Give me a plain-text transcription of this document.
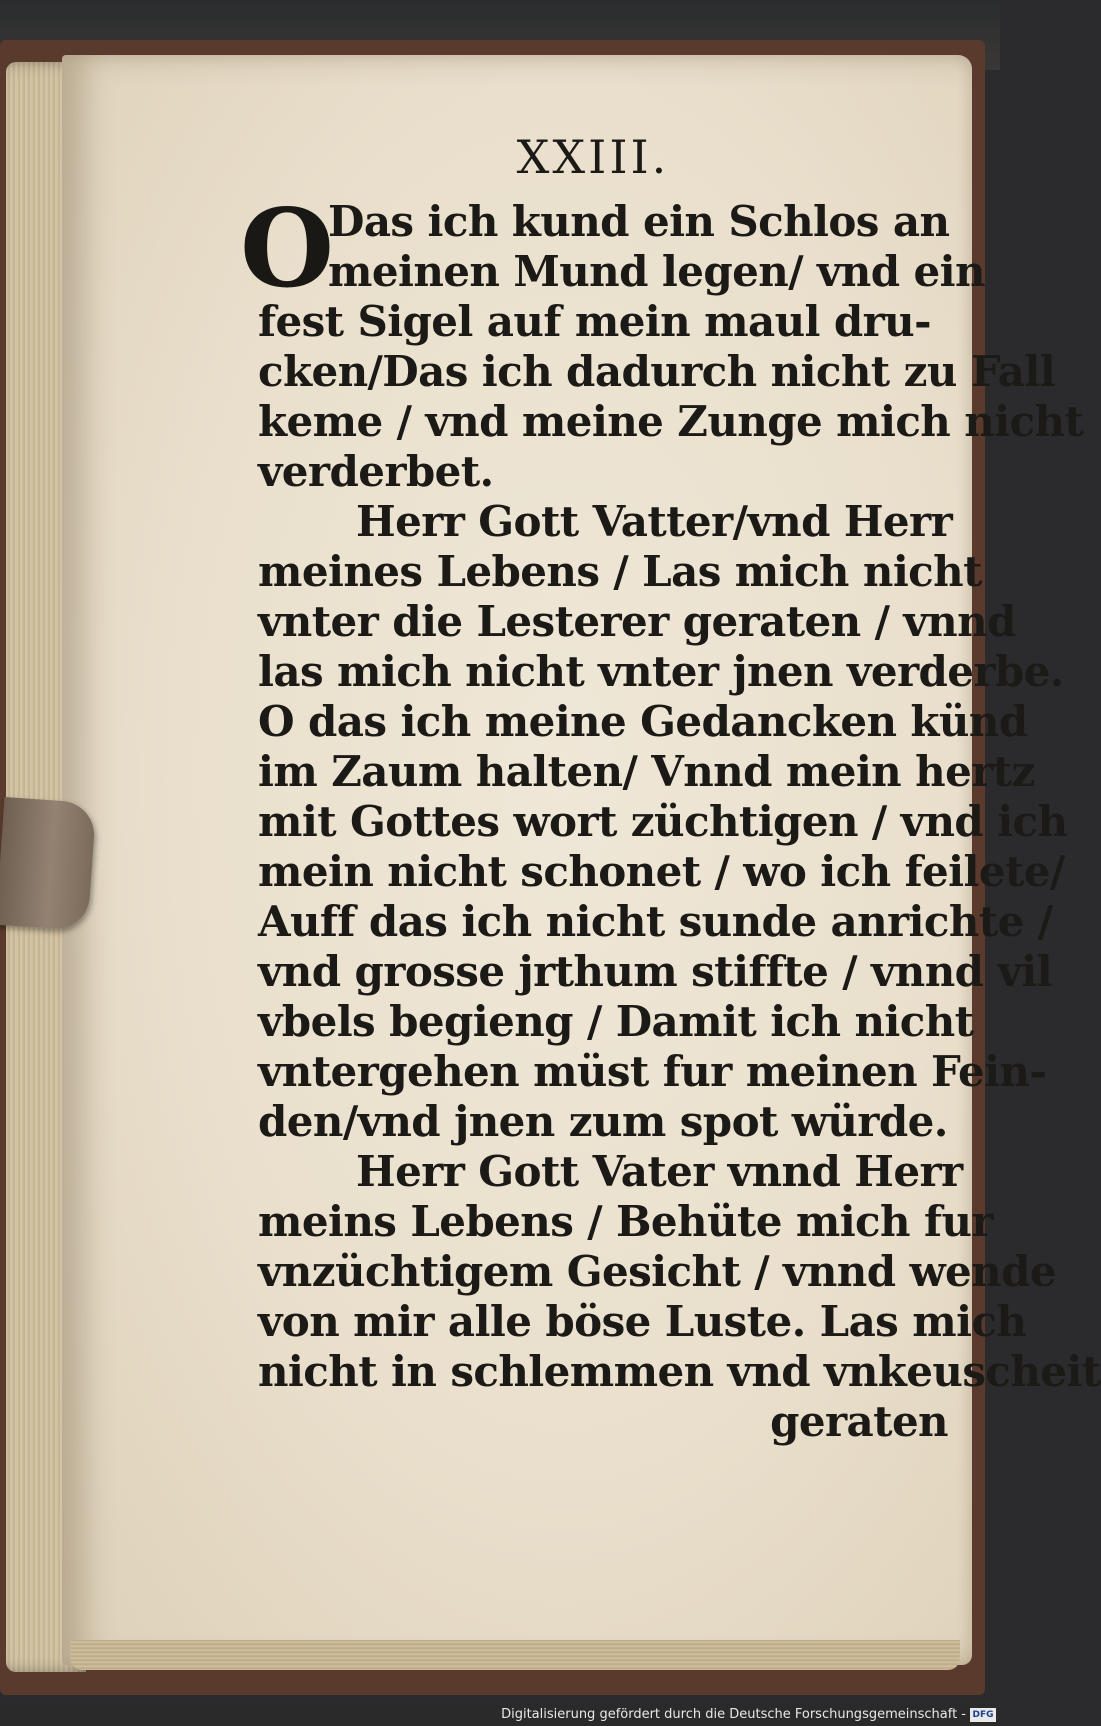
XXIII.
O
Das ich kund ein Schlos an
meinen Mund legen/ vnd ein
fest Sigel auf mein maul dru-
cken/Das ich dadurch nicht zu Fall
keme / vnd meine Zunge mich nicht
verderbet.
Herr Gott Vatter/vnd Herr
meines Lebens / Las mich nicht
vnter die Lesterer geraten / vnnd
las mich nicht vnter jnen verderbe.
O das ich meine Gedancken künd
im Zaum halten/ Vnnd mein hertz
mit Gottes wort züchtigen / vnd ich
mein nicht schonet / wo ich feilete/
Auff das ich nicht sunde anrichte /
vnd grosse jrthum stiffte / vnnd vil
vbels begieng / Damit ich nicht
vntergehen müst fur meinen Fein-
den/vnd jnen zum spot würde.
Herr Gott Vater vnnd Herr
meins Lebens / Behüte mich fur
vnzüchtigem Gesicht / vnnd wende
von mir alle böse Luste. Las mich
nicht in schlemmen vnd vnkeuscheit
geraten
Digitalisierung gefördert durch die Deutsche Forschungsgemeinschaft - DFG
